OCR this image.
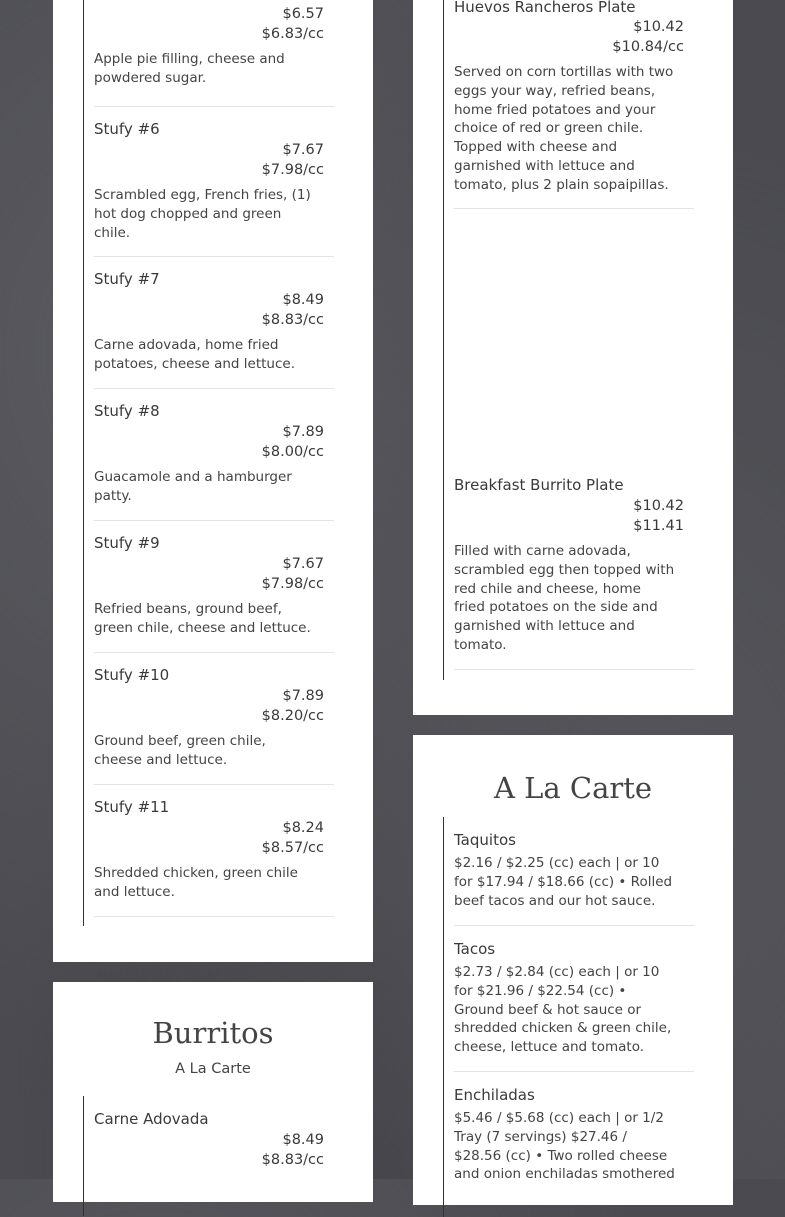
$6.57
$6.83/cc
Apple pie filling, cheese and powdered sugar.
Stufy #6
$7.67
$7.98/cc
Scrambled egg, French fries, (1) hot dog chopped and green chile.
Stufy #7
$8.49
$8.83/cc
Carne adovada, home fried potatoes, cheese and lettuce.
Stufy #8
$7.89
$8.00/cc
Guacamole and a hamburger patty.
Stufy #9
$7.67
$7.98/cc
Refried beans, ground beef, green chile, cheese and lettuce.
Stufy #10
$7.89
$8.20/cc
Ground beef, green chile, cheese and lettuce.
Stufy #11
$8.24
$8.57/cc
Shredded chicken, green chile and lettuce.
Burritos
A La Carte
Carne Adovada
$8.49
$8.83/cc
Huevos Rancheros Plate
$10.42
$10.84/cc
Served on corn tortillas with two eggs your way, refried beans, home fried potatoes and your choice of red or green chile. Topped with cheese and garnished with lettuce and tomato, plus 2 plain sopaipillas.
Breakfast Burrito Plate
$10.42
$11.41
Filled with carne adovada, scrambled egg then topped with red chile and cheese, home fried potatoes on the side and garnished with lettuce and tomato.
A La Carte
Taquitos
$2.16 / $2.25 (cc) each | or 10 for $17.94 / $18.66 (cc) • Rolled beef tacos and our hot sauce.
Tacos
$2.73 / $2.84 (cc) each | or 10 for $21.96 / $22.54 (cc) • Ground beef & hot sauce or shredded chicken & green chile, cheese, lettuce and tomato.
Enchiladas
$5.46 / $5.68 (cc) each | or 1/2 Tray (7 servings) $27.46 / $28.56 (cc) • Two rolled cheese and onion enchiladas smothered
